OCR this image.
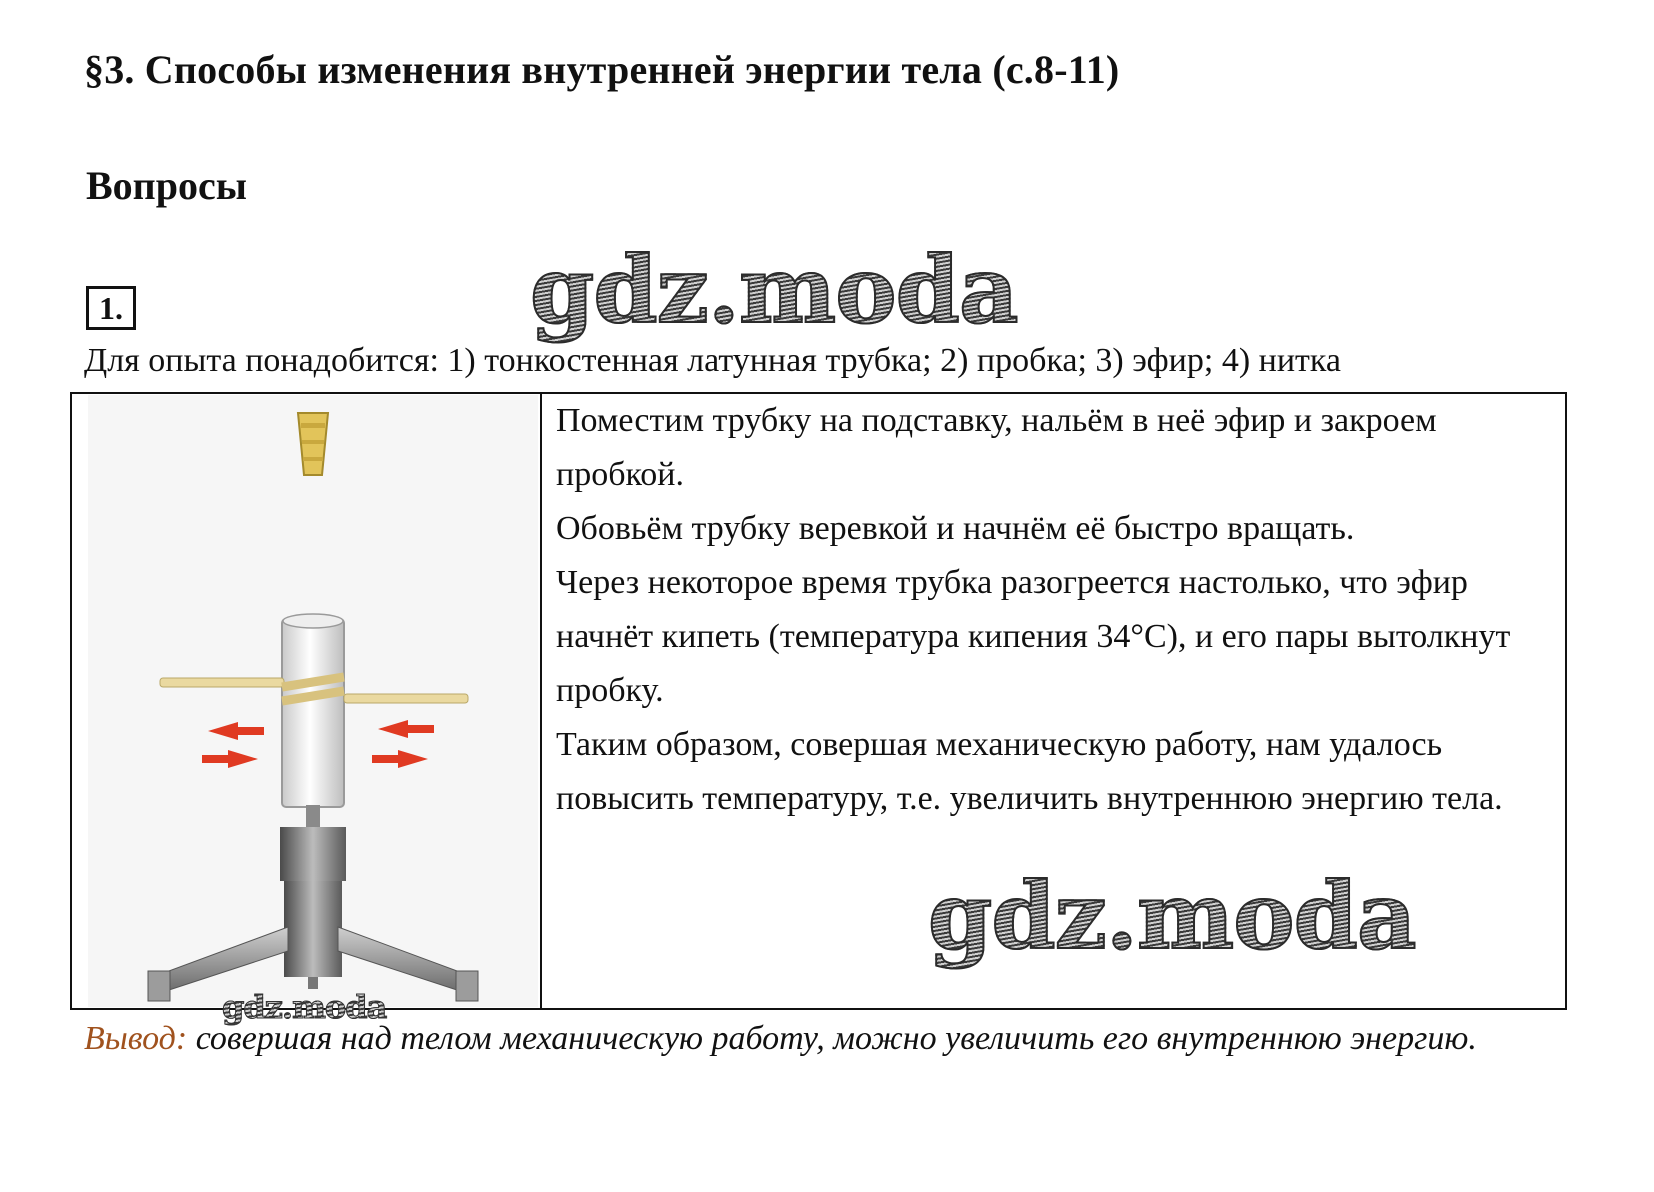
§3. Способы изменения внутренней энергии тела (с.8-11)
Вопросы
1.	gdz.moda
Для опыта понадобится: 1) тонкостенная латунная трубка; 2) пробка; 3) эфир; 4) нитка

Поместим трубку на подставку, нальём в неё эфир и закроем пробкой.

Обовьём трубку веревкой и начнём её быстро вращать.

Через некоторое время трубка разогреется настолько, что эфир начнёт кипеть (температура кипения 34°С), и его пары вытолкнут пробку.

Таким образом, совершая механическую работу, нам удалось повысить температуру, т.е. увеличить внутреннюю энергию тела.

gdz.moda
gdz.moda
Вывод: совершая над телом механическую работу, можно увеличить его внутреннюю энергию.
